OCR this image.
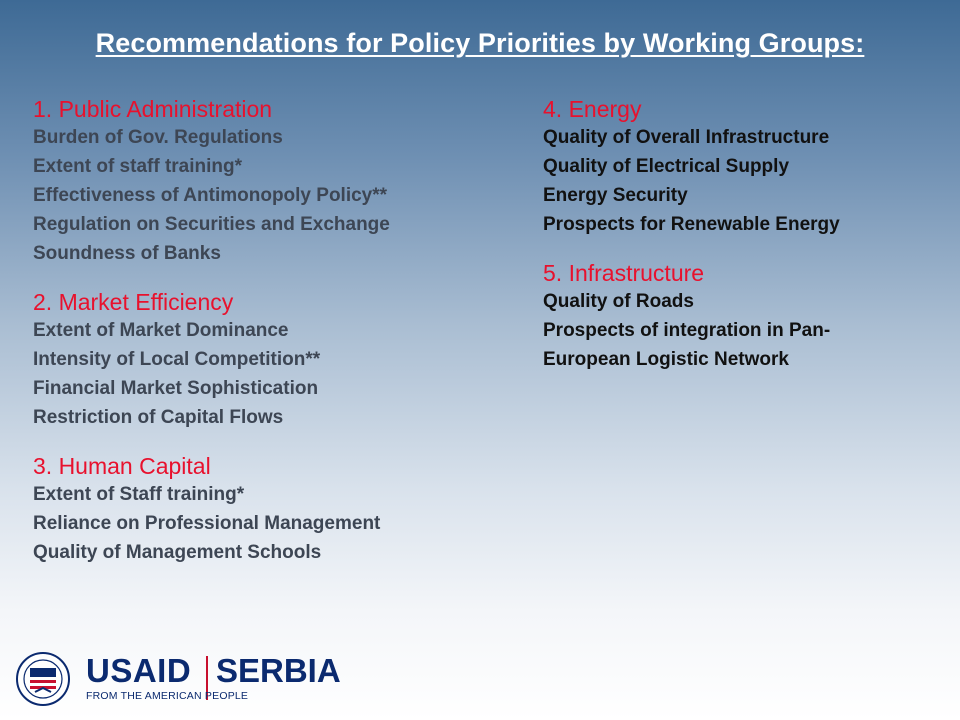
Recommendations for Policy Priorities by Working Groups:
1. Public Administration
Burden of Gov. Regulations
Extent of staff training*
Effectiveness of Antimonopoly Policy**
Regulation on Securities and Exchange
Soundness of Banks
2. Market Efficiency
Extent of Market Dominance
Intensity of Local Competition**
Financial Market Sophistication
Restriction of Capital Flows
3. Human Capital
Extent of Staff training*
Reliance on Professional Management
Quality of Management Schools
4. Energy
Quality of Overall Infrastructure
Quality of Electrical Supply
Energy Security
Prospects for Renewable Energy
5. Infrastructure
Quality of Roads
Prospects of integration in Pan-
European Logistic Network
USAID SERBIA
FROM THE AMERICAN PEOPLE
